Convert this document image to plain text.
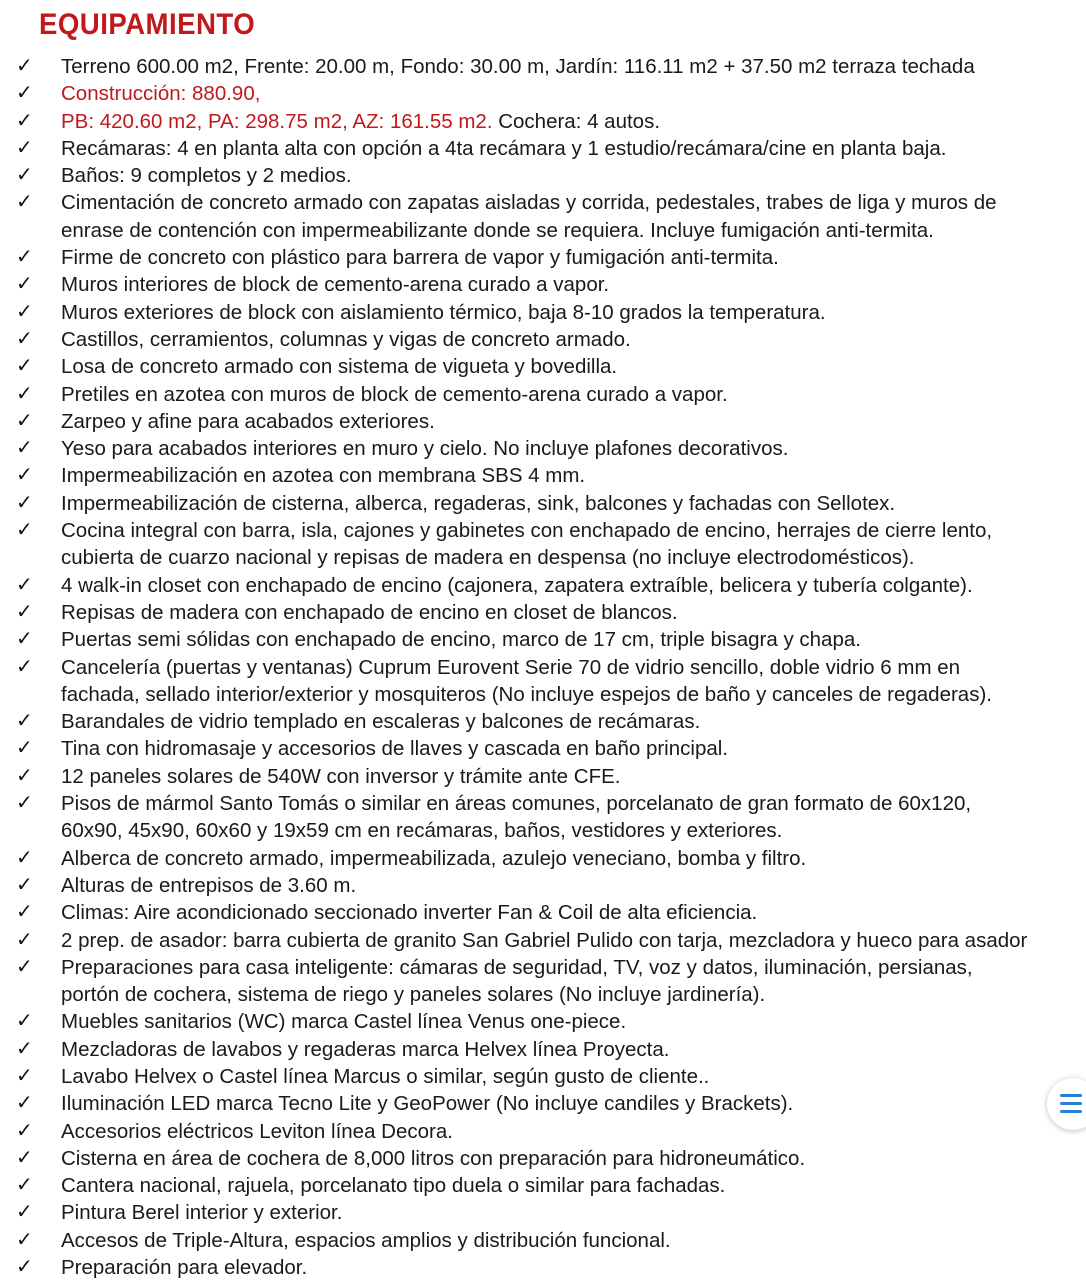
EQUIPAMIENTO
✓ Terreno 600.00 m2, Frente: 20.00 m, Fondo: 30.00 m, Jardín: 116.11 m2 + 37.50 m2 terraza techada
✓ Construcción: 880.90,
✓ PB: 420.60 m2, PA: 298.75 m2, AZ: 161.55 m2. Cochera: 4 autos.
✓ Recámaras: 4 en planta alta con opción a 4ta recámara y 1 estudio/recámara/cine en planta baja.
✓ Baños: 9 completos y 2 medios.
✓ Cimentación de concreto armado con zapatas aisladas y corrida, pedestales, trabes de liga y muros de
enrase de contención con impermeabilizante donde se requiera. Incluye fumigación anti-termita.
✓ Firme de concreto con plástico para barrera de vapor y fumigación anti-termita.
✓ Muros interiores de block de cemento-arena curado a vapor.
✓ Muros exteriores de block con aislamiento térmico, baja 8-10 grados la temperatura.
✓ Castillos, cerramientos, columnas y vigas de concreto armado.
✓ Losa de concreto armado con sistema de vigueta y bovedilla.
✓ Pretiles en azotea con muros de block de cemento-arena curado a vapor.
✓ Zarpeo y afine para acabados exteriores.
✓ Yeso para acabados interiores en muro y cielo. No incluye plafones decorativos.
✓ Impermeabilización en azotea con membrana SBS 4 mm.
✓ Impermeabilización de cisterna, alberca, regaderas, sink, balcones y fachadas con Sellotex.
✓ Cocina integral con barra, isla, cajones y gabinetes con enchapado de encino, herrajes de cierre lento,
cubierta de cuarzo nacional y repisas de madera en despensa (no incluye electrodomésticos).
✓ 4 walk-in closet con enchapado de encino (cajonera, zapatera extraíble, belicera y tubería colgante).
✓ Repisas de madera con enchapado de encino en closet de blancos.
✓ Puertas semi sólidas con enchapado de encino, marco de 17 cm, triple bisagra y chapa.
✓ Cancelería (puertas y ventanas) Cuprum Eurovent Serie 70 de vidrio sencillo, doble vidrio 6 mm en
fachada, sellado interior/exterior y mosquiteros (No incluye espejos de baño y canceles de regaderas).
✓ Barandales de vidrio templado en escaleras y balcones de recámaras.
✓ Tina con hidromasaje y accesorios de llaves y cascada en baño principal.
✓ 12 paneles solares de 540W con inversor y trámite ante CFE.
✓ Pisos de mármol Santo Tomás o similar en áreas comunes, porcelanato de gran formato de 60x120,
60x90, 45x90, 60x60 y 19x59 cm en recámaras, baños, vestidores y exteriores.
✓ Alberca de concreto armado, impermeabilizada, azulejo veneciano, bomba y filtro.
✓ Alturas de entrepisos de 3.60 m.
✓ Climas: Aire acondicionado seccionado inverter Fan & Coil de alta eficiencia.
✓ 2 prep. de asador: barra cubierta de granito San Gabriel Pulido con tarja, mezcladora y hueco para asador
✓ Preparaciones para casa inteligente: cámaras de seguridad, TV, voz y datos, iluminación, persianas,
portón de cochera, sistema de riego y paneles solares (No incluye jardinería).
✓ Muebles sanitarios (WC) marca Castel línea Venus one-piece.
✓ Mezcladoras de lavabos y regaderas marca Helvex línea Proyecta.
✓ Lavabo Helvex o Castel línea Marcus o similar, según gusto de cliente..
✓ Iluminación LED marca Tecno Lite y GeoPower (No incluye candiles y Brackets).
✓ Accesorios eléctricos Leviton línea Decora.
✓ Cisterna en área de cochera de 8,000 litros con preparación para hidroneumático.
✓ Cantera nacional, rajuela, porcelanato tipo duela o similar para fachadas.
✓ Pintura Berel interior y exterior.
✓ Accesos de Triple-Altura, espacios amplios y distribución funcional.
✓ Preparación para elevador.
